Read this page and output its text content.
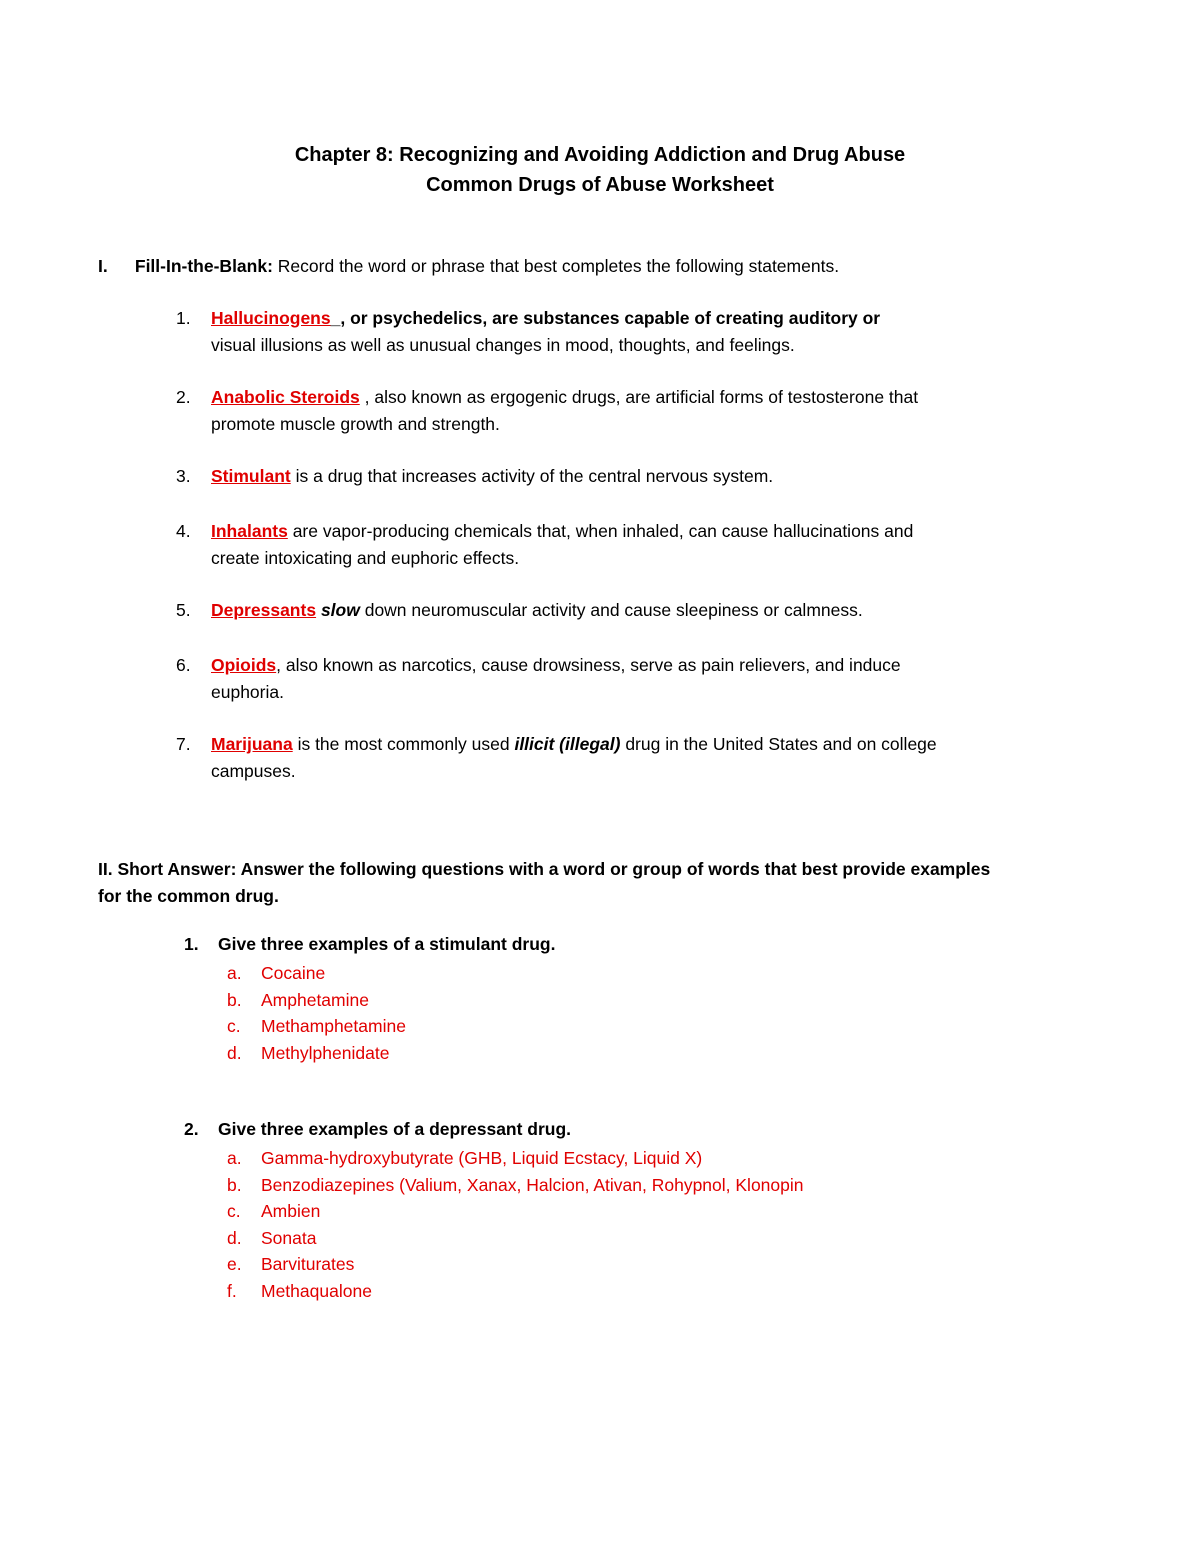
Chapter 8: Recognizing and Avoiding Addiction and Drug Abuse
Common Drugs of Abuse Worksheet
I. Fill-In-the-Blank: Record the word or phrase that best completes the following statements.
1.	Hallucinogens_, or psychedelics, are substances capable of creating auditory or
visual illusions as well as unusual changes in mood, thoughts, and feelings.
2.	Anabolic Steroids , also known as ergogenic drugs, are artificial forms of testosterone that
promote muscle growth and strength.
3.	Stimulant is a drug that increases activity of the central nervous system.
4.	Inhalants are vapor-producing chemicals that, when inhaled, can cause hallucinations and
create intoxicating and euphoric effects.
5.	Depressants slow down neuromuscular activity and cause sleepiness or calmness.
6.	Opioids, also known as narcotics, cause drowsiness, serve as pain relievers, and induce
euphoria.
7.	Marijuana is the most commonly used illicit (illegal) drug in the United States and on college
campuses.
II. Short Answer: Answer the following questions with a word or group of words that best provide examples for the common drug.
1. Give three examples of a stimulant drug.
a. Cocaine
b. Amphetamine
c. Methamphetamine
d. Methylphenidate
2. Give three examples of a depressant drug.
a. Gamma-hydroxybutyrate (GHB, Liquid Ecstacy, Liquid X)
b. Benzodiazepines (Valium, Xanax, Halcion, Ativan, Rohypnol, Klonopin
c. Ambien
d. Sonata
e. Barviturates
f. Methaqualone
